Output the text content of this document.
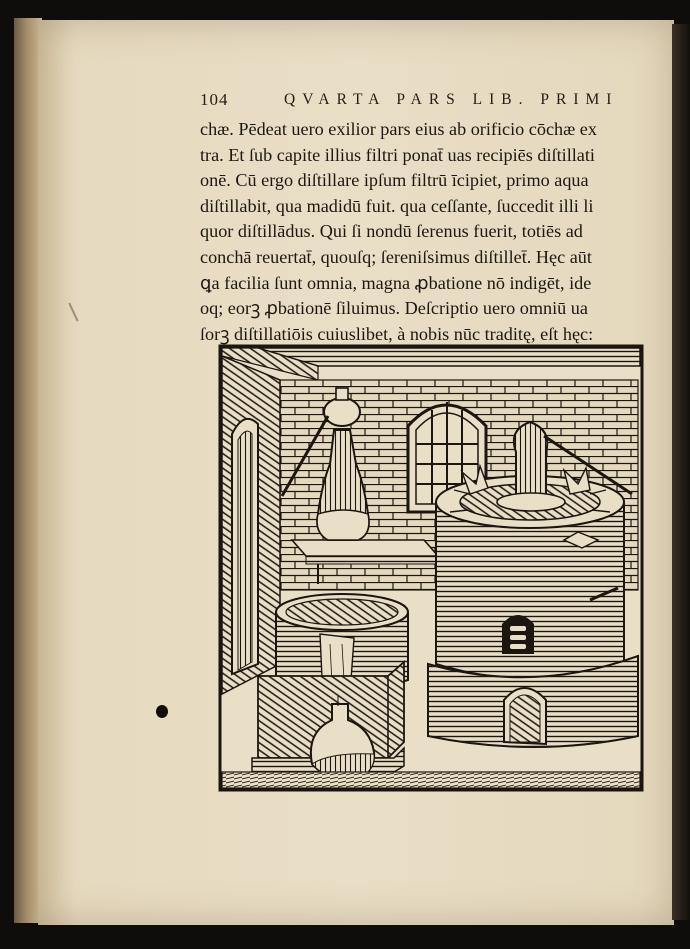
104	QVARTA PARS LIB. PRIMI
chæ. Pēdeat uero exilior pars eius ab orificio cōchæ ex
tra. Et ſub capite illius filtri ponat̄ uas recipiēs diſtillati
onē. Cū ergo diſtillare ipſum filtrū īcipiet, primo aqua
diſtillabit, qua madidū fuit. qua ceſſante, ſuccedit illi li
quor diſtillādus. Qui ſi nondū ſerenus fuerit, totiēs ad
conchā reuertat̄, quouſq; ſereniſsimus diſtillet̄. Hęc aūt
ꝗa facilia ſunt omnia, magna ꝓbatione nō indigēt, ide
oq; eorꝫ ꝓbationē ſiluimus. Deſcriptio uero omniū ua
ſorꝫ diſtillatiōis cuiuslibet, à nobis nūc traditę, eſt hęc:
